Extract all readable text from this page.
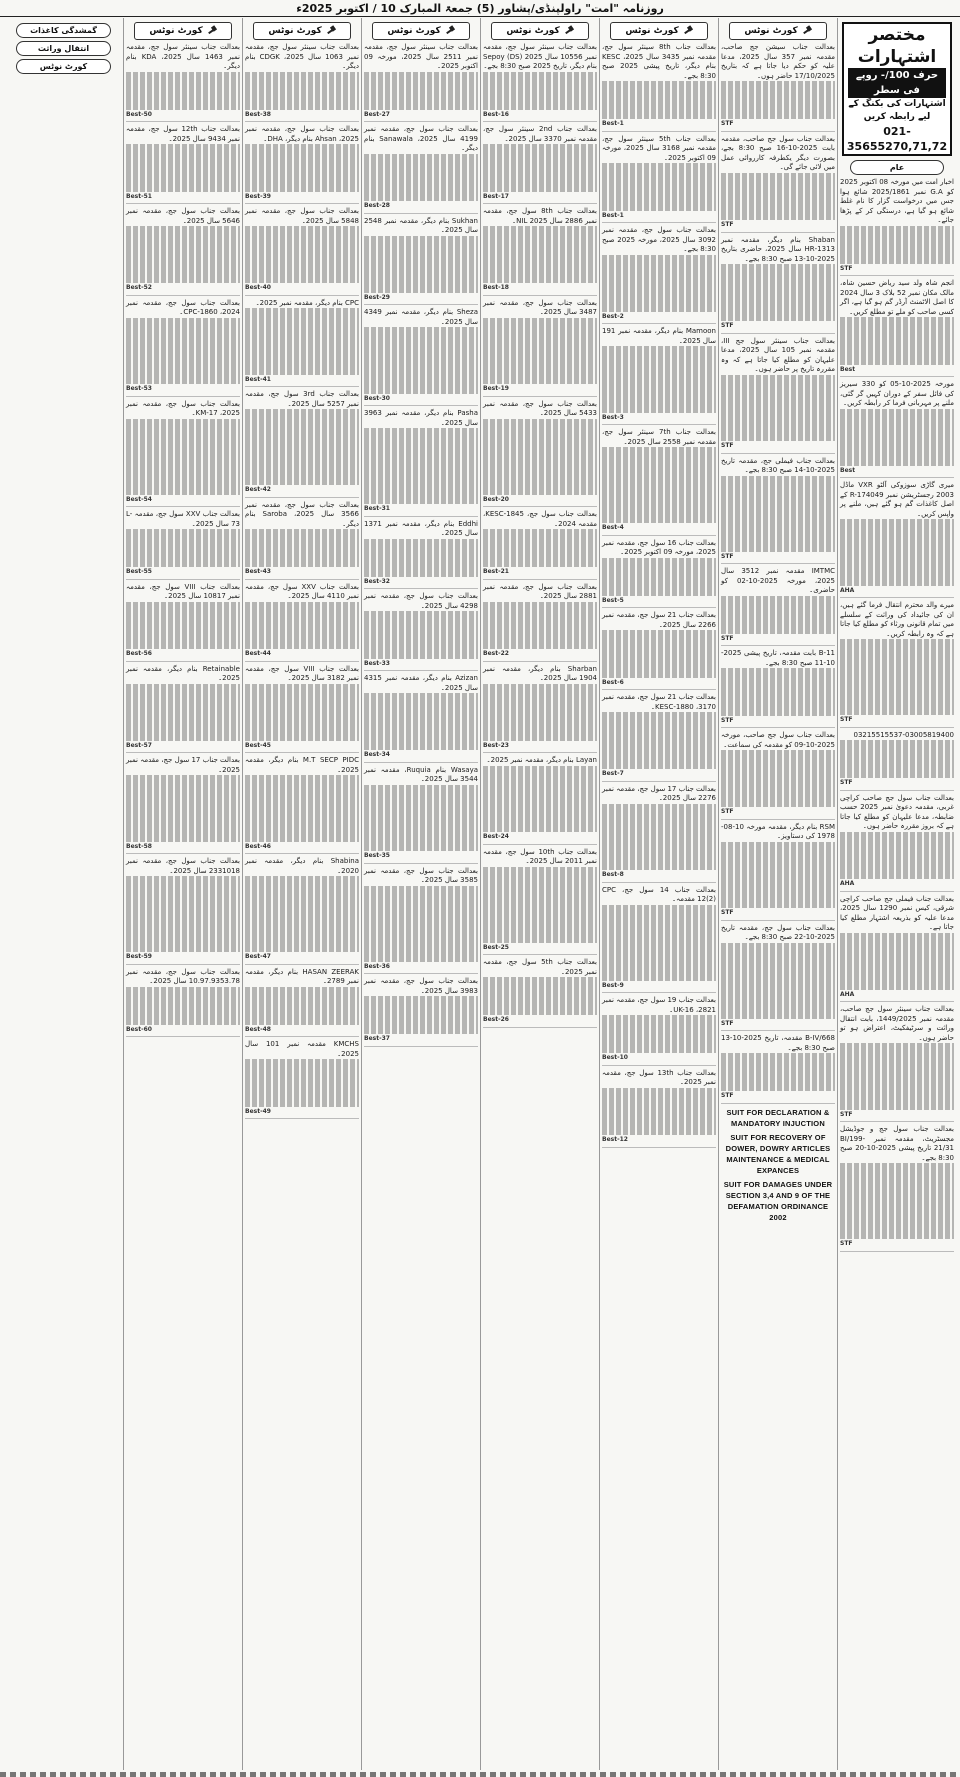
روزنامہ "امت" راولپنڈی/پشاور (5) جمعۃ المبارک 10 / اکتوبر 2025ء
مختصر اشتہارات
حرف 100/- روپے فی سطر
اشتہارات کی بکنگ کے لیے رابطہ کریں
021-35655270,71,72
عام
اخبار امت میں مورخہ 08 اکتوبر 2025 کو G.A نمبر 2025/1861 شائع ہوا جس میں درخواست گزار کا نام غلط شائع ہو گیا ہے، درستگی کر کے پڑھا جائے۔
STF
انجم شاہ ولد سید ریاض حسین شاہ، مالک مکان نمبر 52 بلاک 3 سال 2024 کا اصل الاٹمنٹ آرڈر گم ہو گیا ہے، اگر کسی صاحب کو ملے تو مطلع کریں۔
Best
مورخہ 2025-10-05 کو 330 سیریز کی فائل سفر کے دوران کہیں گر گئی، ملنے پر مہربانی فرما کر رابطہ کریں۔
Best
میری گاڑی سوزوکی آلٹو VXR ماڈل 2003 رجسٹریشن نمبر R-174049 کے اصل کاغذات گم ہو گئے ہیں، ملنے پر واپس کریں۔
AHA
میرے والد محترم انتقال فرما گئے ہیں، ان کی جائیداد کی وراثت کے سلسلے میں تمام قانونی ورثاء کو مطلع کیا جاتا ہے کہ وہ رابطہ کریں۔
STF
03215515537-03005819400
STF
بعدالت جناب سول جج صاحب کراچی غربی، مقدمہ دعویٰ نمبر 2025 حسب ضابطہ، مدعا علیہان کو مطلع کیا جاتا ہے کہ بروز مقررہ حاضر ہوں۔
AHA
بعدالت جناب فیملی جج صاحب کراچی شرقی، کیس نمبر 1290 سال 2025، مدعا علیہ کو بذریعہ اشتہار مطلع کیا جاتا ہے۔
AHA
بعدالت جناب سینئر سول جج صاحب، مقدمہ نمبر 1449/2025، بابت انتقال وراثت و سرٹیفکیٹ، اعتراض ہو تو حاضر ہوں۔
STF
بعدالت جناب سول جج و جوڈیشل مجسٹریٹ، مقدمہ نمبر BI/199-21/31 تاریخ پیشی 2025-10-20 صبح 8:30 بجے۔
STF
کورٹ نوٹس
بعدالت جناب سیشن جج صاحب، مقدمہ نمبر 357 سال 2025، مدعا علیہ کو حکم دیا جاتا ہے کہ بتاریخ 17/10/2025 حاضر ہوں۔
STF
بعدالت جناب سول جج صاحب، مقدمہ بابت 2025-10-16 صبح 8:30 بجے، بصورت دیگر یکطرفہ کارروائی عمل میں لائی جائے گی۔
STF
Shaban بنام دیگر، مقدمہ نمبر 1313-HR سال 2025، حاضری بتاریخ 2025-10-13 صبح 8:30 بجے۔
STF
بعدالت جناب سینئر سول جج III، مقدمہ نمبر 105 سال 2025، مدعا علیہان کو مطلع کیا جاتا ہے کہ وہ مقررہ تاریخ پر حاضر ہوں۔
STF
بعدالت جناب فیملی جج، مقدمہ تاریخ 2025-10-14 صبح 8:30 بجے۔
STF
IMTMC مقدمہ نمبر 3512 سال 2025، مورخہ 2025-10-02 کو حاضری۔
STF
B-11 بابت مقدمہ، تاریخ پیشی 2025-10-11 صبح 8:30 بجے۔
STF
بعدالت جناب سول جج صاحب، مورخہ 2025-10-09 کو مقدمہ کی سماعت۔
STF
RSM بنام دیگر، مقدمہ مورخہ 10-08-1978 کی دستاویز۔
STF
بعدالت جناب سول جج، مقدمہ تاریخ 2025-10-22 صبح 8:30 بجے۔
STF
B-IV/668 مقدمہ، تاریخ 2025-10-13 صبح 8:30 بجے۔
STF
SUIT FOR DECLARATION & MANDATORY INJUCTION
SUIT FOR RECOVERY OF DOWER, DOWRY ARTICLES MAINTENANCE & MEDICAL EXPANCES
SUIT FOR DAMAGES UNDER SECTION 3,4 AND 9 OF THE DEFAMATION ORDINANCE 2002
کورٹ نوٹس
بعدالت جناب 8th سینئر سول جج، مقدمہ نمبر 3435 سال 2025، KESC بنام دیگر، تاریخ پیشی 2025 صبح 8:30 بجے۔
Best-1
بعدالت جناب 5th سینئر سول جج، مقدمہ نمبر 3168 سال 2025، مورخہ 09 اکتوبر 2025۔
Best-1
بعدالت جناب سول جج، مقدمہ نمبر 3092 سال 2025، مورخہ 2025 صبح 8:30 بجے۔
Best-2
Mamoon بنام دیگر، مقدمہ نمبر 191 سال 2025۔
Best-3
بعدالت جناب 7th سینئر سول جج، مقدمہ نمبر 2558 سال 2025۔
Best-4
بعدالت جناب 16 سول جج، مقدمہ نمبر 2025، مورخہ 09 اکتوبر 2025۔
Best-5
بعدالت جناب 21 سول جج، مقدمہ نمبر 2266 سال 2025۔
Best-6
بعدالت جناب 21 سول جج، مقدمہ نمبر 3170، KESC-1880۔
Best-7
بعدالت جناب 17 سول جج، مقدمہ نمبر 2276 سال 2025۔
Best-8
بعدالت جناب 14 سول جج، CPC 12(2) مقدمہ۔
Best-9
بعدالت جناب 19 سول جج، مقدمہ نمبر 2821، UK-16۔
Best-10
بعدالت جناب 13th سول جج، مقدمہ نمبر 2025۔
Best-12
کورٹ نوٹس
بعدالت جناب سینئر سول جج، مقدمہ نمبر 10556 سال 2025 (DS) Sepoy بنام دیگر، تاریخ 2025 صبح 8:30 بجے۔
Best-16
بعدالت جناب 2nd سینئر سول جج، مقدمہ نمبر 3370 سال 2025۔
Best-17
بعدالت جناب 8th سول جج، مقدمہ نمبر 2886 سال 2025 NIL۔
Best-18
بعدالت جناب سول جج، مقدمہ نمبر 3487 سال 2025۔
Best-19
بعدالت جناب سول جج، مقدمہ نمبر 5433 سال 2025۔
Best-20
بعدالت جناب سول جج، KESC-1845، مقدمہ 2024۔
Best-21
بعدالت جناب سول جج، مقدمہ نمبر 2881 سال 2025۔
Best-22
Sharban بنام دیگر، مقدمہ نمبر 1904 سال 2025۔
Best-23
Layan بنام دیگر، مقدمہ نمبر 2025۔
Best-24
بعدالت جناب 10th سول جج، مقدمہ نمبر 2011 سال 2025۔
Best-25
بعدالت جناب 5th سول جج، مقدمہ نمبر 2025۔
Best-26
کورٹ نوٹس
بعدالت جناب سینئر سول جج، مقدمہ نمبر 2511 سال 2025، مورخہ 09 اکتوبر 2025۔
Best-27
بعدالت جناب سول جج، مقدمہ نمبر 4199 سال 2025، Sanawala بنام دیگر۔
Best-28
Sukhan بنام دیگر، مقدمہ نمبر 2548 سال 2025۔
Best-29
Sheza بنام دیگر، مقدمہ نمبر 4349 سال 2025۔
Best-30
Pasha بنام دیگر، مقدمہ نمبر 3963 سال 2025۔
Best-31
Eddhi بنام دیگر، مقدمہ نمبر 1371 سال 2025۔
Best-32
بعدالت جناب سول جج، مقدمہ نمبر 4298 سال 2025۔
Best-33
Azizan بنام دیگر، مقدمہ نمبر 4315 سال 2025۔
Best-34
Wasaya بنام Ruquia، مقدمہ نمبر 3544 سال 2025۔
Best-35
بعدالت جناب سول جج، مقدمہ نمبر 3585 سال 2025۔
Best-36
بعدالت جناب سول جج، مقدمہ نمبر 3983 سال 2025۔
Best-37
کورٹ نوٹس
بعدالت جناب سینئر سول جج، مقدمہ نمبر 1063 سال 2025، CDGK بنام دیگر۔
Best-38
بعدالت جناب سول جج، مقدمہ نمبر 2025، Ahsan بنام دیگر، DHA۔
Best-39
بعدالت جناب سول جج، مقدمہ نمبر 5848 سال 2025۔
Best-40
CPC بنام دیگر، مقدمہ نمبر 2025۔
Best-41
بعدالت جناب 3rd سول جج، مقدمہ نمبر 5257 سال 2025۔
Best-42
بعدالت جناب سول جج، مقدمہ نمبر 3566 سال 2025، Saroba بنام دیگر۔
Best-43
بعدالت جناب XXV سول جج، مقدمہ نمبر 4110 سال 2025۔
Best-44
بعدالت جناب VIII سول جج، مقدمہ نمبر 3182 سال 2025۔
Best-45
M.T SECP PIDC بنام دیگر، مقدمہ 2025۔
Best-46
Shabina بنام دیگر، مقدمہ نمبر 2020۔
Best-47
HASAN ZEERAK بنام دیگر، مقدمہ نمبر 2789۔
Best-48
KMCHS مقدمہ نمبر 101 سال 2025۔
Best-49
کورٹ نوٹس
بعدالت جناب سینئر سول جج، مقدمہ نمبر 1463 سال 2025، KDA بنام دیگر۔
Best-50
بعدالت جناب 12th سول جج، مقدمہ نمبر 9434 سال 2025۔
Best-51
بعدالت جناب سول جج، مقدمہ نمبر 5646 سال 2025۔
Best-52
بعدالت جناب سول جج، مقدمہ نمبر 2024، CPC-1860۔
Best-53
بعدالت جناب سول جج، مقدمہ نمبر 2025، KM-17۔
Best-54
بعدالت جناب XXV سول جج، مقدمہ L-73 سال 2025۔
Best-55
بعدالت جناب VIII سول جج، مقدمہ نمبر 10817 سال 2025۔
Best-56
Retainable بنام دیگر، مقدمہ نمبر 2025۔
Best-57
بعدالت جناب 17 سول جج، مقدمہ نمبر 2025۔
Best-58
بعدالت جناب سول جج، مقدمہ نمبر 2331018 سال 2025۔
Best-59
بعدالت جناب سول جج، مقدمہ نمبر 10.97.9353.78 سال 2025۔
Best-60
گمشدگی کاغذات
انتقال وراثت
کورٹ نوٹس
